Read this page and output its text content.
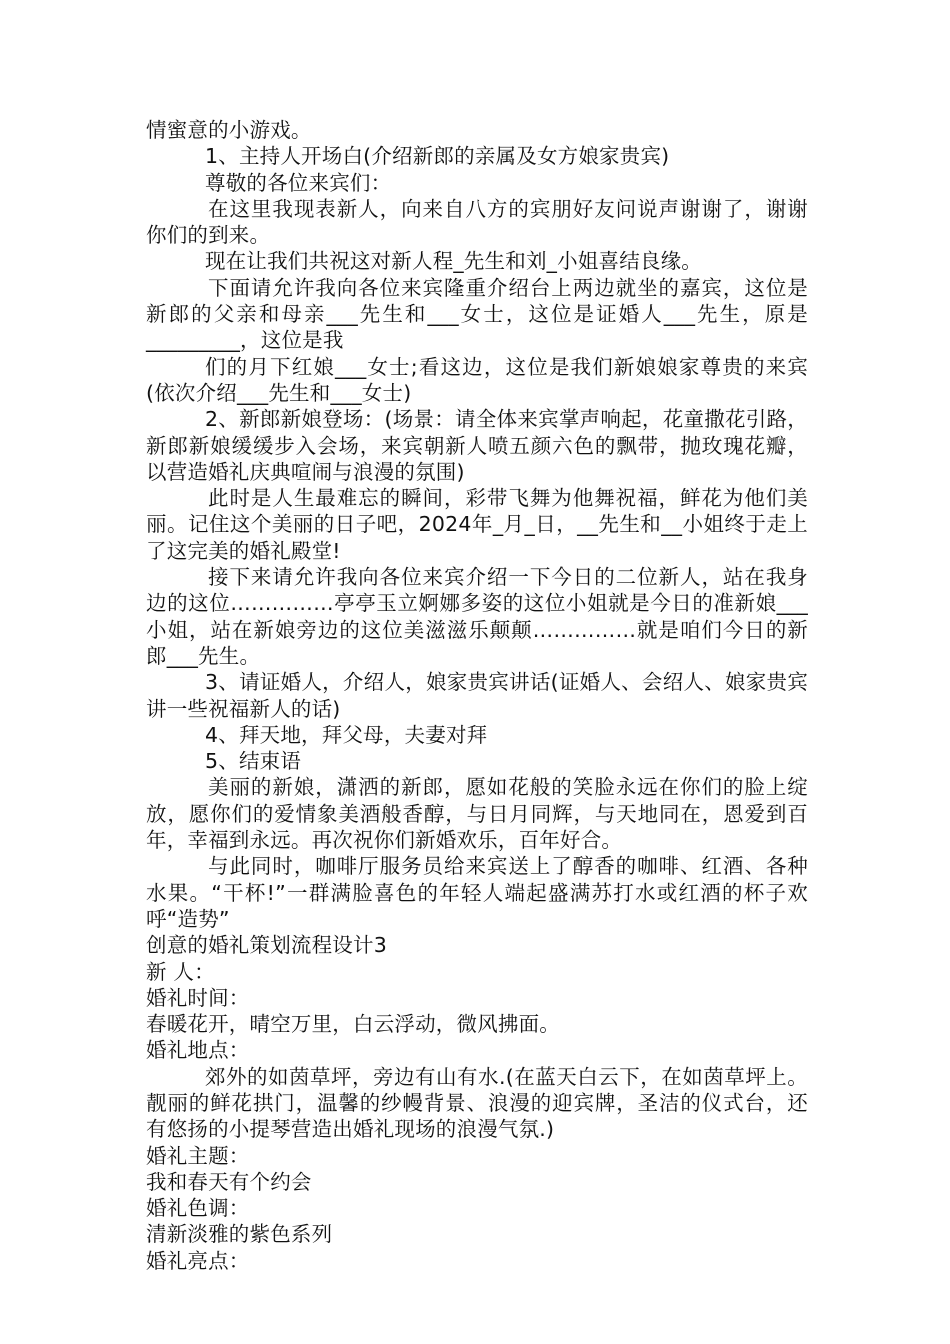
情蜜意的小游戏。

1、主持人开场白(介绍新郎的亲属及女方娘家贵宾)

尊敬的各位来宾们：

在这里我现表新人，向来自八方的宾朋好友问说声谢谢了，谢谢你们的到来。

现在让我们共祝这对新人程_先生和刘_小姐喜结良缘。

下面请允许我向各位来宾隆重介绍台上两边就坐的嘉宾，这位是新郎的父亲和母亲___先生和___女士，这位是证婚人___先生，原是_________，这位是我

们的月下红娘___女士;看这边，这位是我们新娘娘家尊贵的来宾(依次介绍___先生和___女士)

2、新郎新娘登场：(场景：请全体来宾掌声响起，花童撒花引路，新郎新娘缓缓步入会场，来宾朝新人喷五颜六色的飘带，抛玫瑰花瓣，以营造婚礼庆典喧闹与浪漫的氛围)

此时是人生最难忘的瞬间，彩带飞舞为他舞祝福，鲜花为他们美丽。记住这个美丽的日子吧，2024年_月_日，__先生和__小姐终于走上了这完美的婚礼殿堂!

接下来请允许我向各位来宾介绍一下今日的二位新人，站在我身边的这位……………亭亭玉立婀娜多姿的这位小姐就是今日的准新娘___小姐，站在新娘旁边的这位美滋滋乐颠颠……………就是咱们今日的新郎___先生。

3、请证婚人，介绍人，娘家贵宾讲话(证婚人、会绍人、娘家贵宾讲一些祝福新人的话)

4、拜天地，拜父母，夫妻对拜

5、结束语

美丽的新娘，潇洒的新郎，愿如花般的笑脸永远在你们的脸上绽放，愿你们的爱情象美酒般香醇，与日月同辉，与天地同在，恩爱到百年，幸福到永远。再次祝你们新婚欢乐，百年好合。

与此同时，咖啡厅服务员给来宾送上了醇香的咖啡、红酒、各种水果。“干杯!”一群满脸喜色的年轻人端起盛满苏打水或红酒的杯子欢呼“造势”

创意的婚礼策划流程设计3

新 人：

婚礼时间：

春暖花开，晴空万里，白云浮动，微风拂面。

婚礼地点：

郊外的如茵草坪，旁边有山有水.(在蓝天白云下，在如茵草坪上。靓丽的鲜花拱门，温馨的纱幔背景、浪漫的迎宾牌，圣洁的仪式台，还有悠扬的小提琴营造出婚礼现场的浪漫气氛.)

婚礼主题：

我和春天有个约会

婚礼色调：

清新淡雅的紫色系列

婚礼亮点：
